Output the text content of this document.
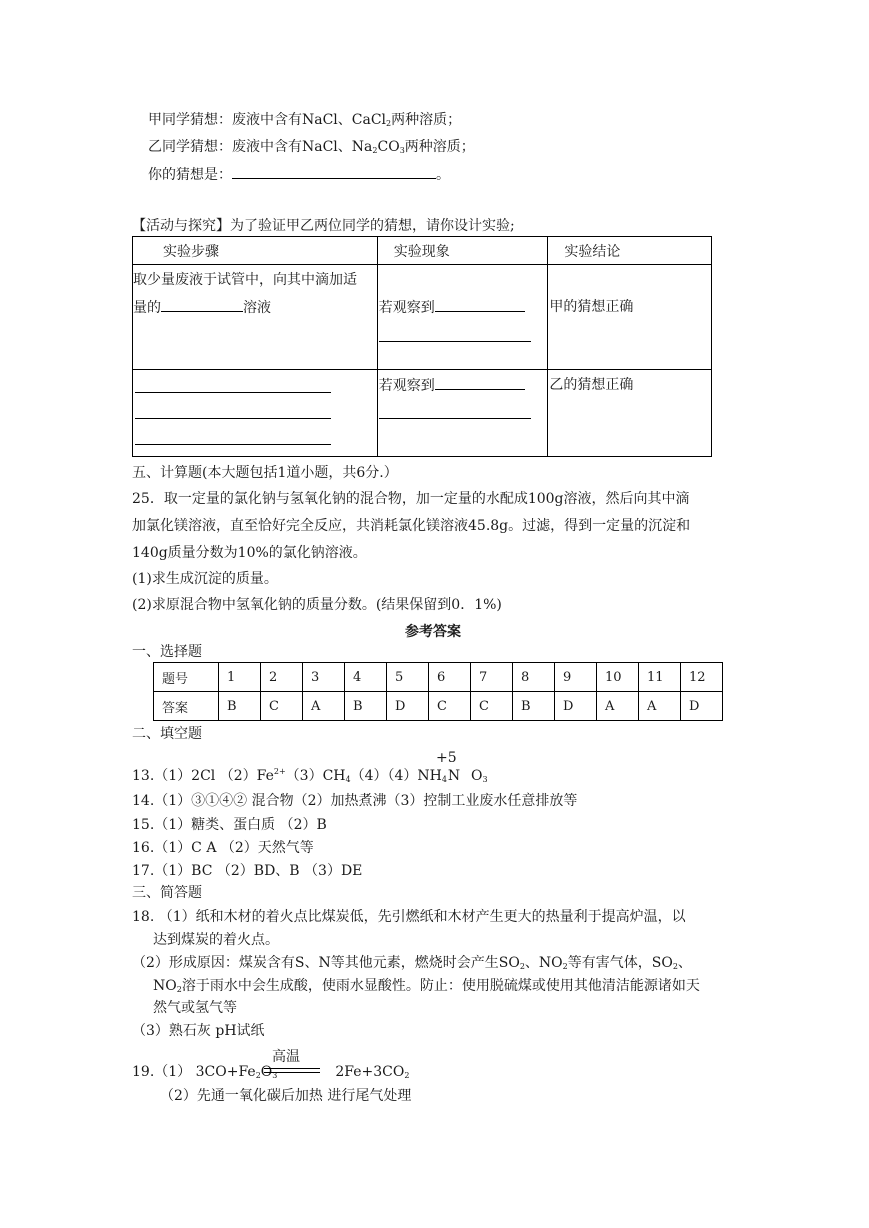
甲同学猜想：废液中含有NaCl、CaCl$_2$两种溶质；
乙同学猜想：废液中含有NaCl、$Na_2CO_3$两种溶质；
你的猜想是：	。
【活动与探究】为了验证甲乙两位同学的猜想，请你设计实验;
实验步骤	实验现象	实验结论

取少量废液于试管中，向其中滴加适
量的 溶液	若观察到	甲的猜想正确

	若观察到	乙的猜想正确
五、计算题(本大题包括1道小题，共6分.）
25．取一定量的氯化钠与氢氧化钠的混合物，加一定量的水配成100g溶液，然后向其中滴
加氯化镁溶液，直至恰好完全反应，共消耗氯化镁溶液45.8g。过滤，得到一定量的沉淀和
140g质量分数为10%的氯化钠溶液。
(1)求生成沉淀的质量。
(2)求原混合物中氢氧化钠的质量分数。(结果保留到0．1%)
参考答案
一、选择题
题号	1	2	3	4	5	6	7	8	9	10	11	12
答案	B	C	A	B	D	C	C	B	D	A	A	D
二、填空题
13.（1）2Cl $(2)Fe^{2+}(3)CH_4(4)(4)NH_4N$ $O_3$
+5
14.（1）③①④② 混合物（2）加热煮沸（3）控制工业废水任意排放等
15.（1）糖类、蛋白质 （2）B
16.（1）C A （2）天然气等
17.（1）BC （2）BD、B （3）DE
三、简答题
18. （1）纸和木材的着火点比煤炭低，先引燃纸和木材产生更大的热量利于提高炉温，以
达到煤炭的着火点。
（2）形成原因：煤炭含有S、N等其他元素，燃烧时会产生$SO_2$、$NO_2$等有害气体，$SO_2$、
$NO_2$溶于雨水中会生成酸，使雨水显酸性。防止：使用脱硫煤或使用其他清洁能源诸如天
然气或氢气等
（3）熟石灰 pH试纸
19.（1） $3CO+Fe_2O_3$	$2Fe+3CO_2$
高温
（2）先通一氧化碳后加热 进行尾气处理
